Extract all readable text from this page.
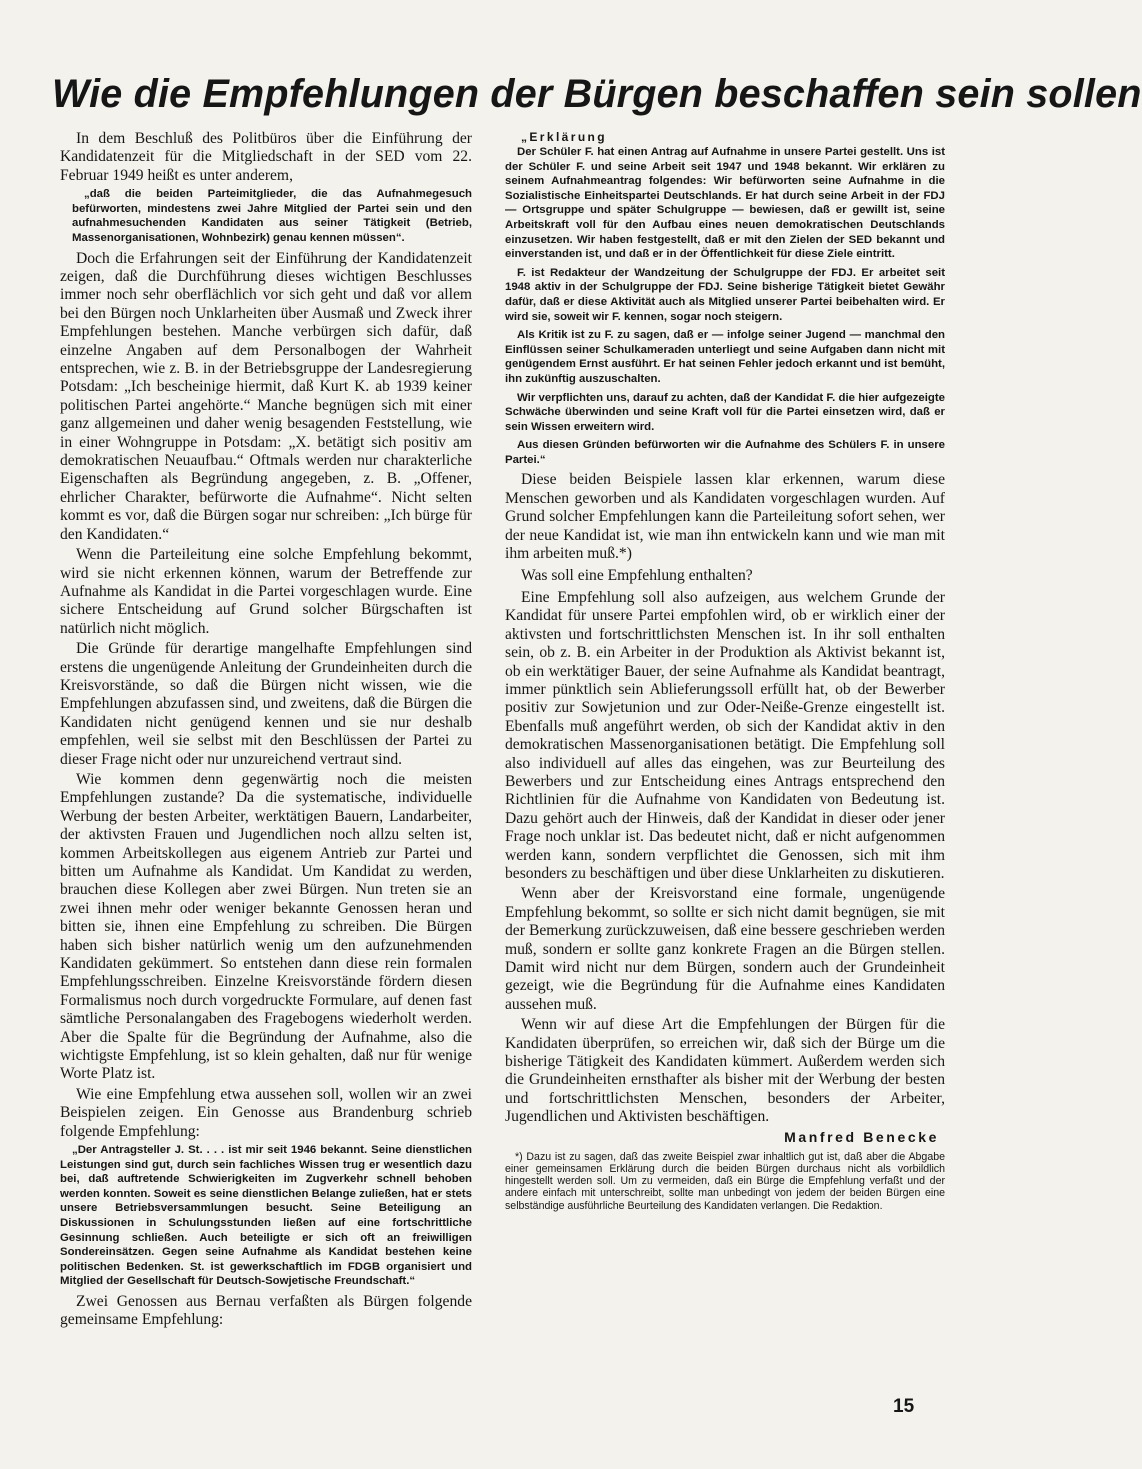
Wie die Empfehlungen der Bürgen beschaffen sein sollen

In dem Beschluß des Politbüros über die Einführung der Kandidatenzeit für die Mitgliedschaft in der SED vom 22. Februar 1949 heißt es unter anderem,

„daß die beiden Parteimitglieder, die das Aufnahmegesuch befürworten, mindestens zwei Jahre Mitglied der Partei sein und den aufnahmesuchenden Kandidaten aus seiner Tätigkeit (Betrieb, Massenorganisationen, Wohnbezirk) genau kennen müssen“.

Doch die Erfahrungen seit der Einführung der Kandidatenzeit zeigen, daß die Durchführung dieses wichtigen Beschlusses immer noch sehr oberflächlich vor sich geht und daß vor allem bei den Bürgen noch Unklarheiten über Ausmaß und Zweck ihrer Empfehlungen bestehen. Manche verbürgen sich dafür, daß einzelne Angaben auf dem Personalbogen der Wahrheit entsprechen, wie z. B. in der Betriebsgruppe der Landesregierung Potsdam: „Ich bescheinige hiermit, daß Kurt K. ab 1939 keiner politischen Partei angehörte.“ Manche begnügen sich mit einer ganz allgemeinen und daher wenig besagenden Feststellung, wie in einer Wohngruppe in Potsdam: „X. betätigt sich positiv am demokratischen Neuaufbau.“ Oftmals werden nur charakterliche Eigenschaften als Begründung angegeben, z. B. „Offener, ehrlicher Charakter, befürworte die Aufnahme“. Nicht selten kommt es vor, daß die Bürgen sogar nur schreiben: „Ich bürge für den Kandidaten.“

Wenn die Parteileitung eine solche Empfehlung bekommt, wird sie nicht erkennen können, warum der Betreffende zur Aufnahme als Kandidat in die Partei vorgeschlagen wurde. Eine sichere Entscheidung auf Grund solcher Bürgschaften ist natürlich nicht möglich.

Die Gründe für derartige mangelhafte Empfehlungen sind erstens die ungenügende Anleitung der Grundeinheiten durch die Kreisvorstände, so daß die Bürgen nicht wissen, wie die Empfehlungen abzufassen sind, und zweitens, daß die Bürgen die Kandidaten nicht genügend kennen und sie nur deshalb empfehlen, weil sie selbst mit den Beschlüssen der Partei zu dieser Frage nicht oder nur unzureichend vertraut sind.

Wie kommen denn gegenwärtig noch die meisten Empfehlungen zustande? Da die systematische, individuelle Werbung der besten Arbeiter, werktätigen Bauern, Landarbeiter, der aktivsten Frauen und Jugendlichen noch allzu selten ist, kommen Arbeitskollegen aus eigenem Antrieb zur Partei und bitten um Aufnahme als Kandidat. Um Kandidat zu werden, brauchen diese Kollegen aber zwei Bürgen. Nun treten sie an zwei ihnen mehr oder weniger bekannte Genossen heran und bitten sie, ihnen eine Empfehlung zu schreiben. Die Bürgen haben sich bisher natürlich wenig um den aufzunehmenden Kandidaten gekümmert. So entstehen dann diese rein formalen Empfehlungsschreiben. Einzelne Kreisvorstände fördern diesen Formalismus noch durch vorgedruckte Formulare, auf denen fast sämtliche Personalangaben des Fragebogens wiederholt werden. Aber die Spalte für die Begründung der Aufnahme, also die wichtigste Empfehlung, ist so klein gehalten, daß nur für wenige Worte Platz ist.

Wie eine Empfehlung etwa aussehen soll, wollen wir an zwei Beispielen zeigen. Ein Genosse aus Brandenburg schrieb folgende Empfehlung:

„Der Antragsteller J. St. . . . ist mir seit 1946 bekannt. Seine dienstlichen Leistungen sind gut, durch sein fachliches Wissen trug er wesentlich dazu bei, daß auftretende Schwierigkeiten im Zugverkehr schnell behoben werden konnten. Soweit es seine dienstlichen Belange zuließen, hat er stets unsere Betriebsversammlungen besucht. Seine Beteiligung an Diskussionen in Schulungsstunden ließen auf eine fortschrittliche Gesinnung schließen. Auch beteiligte er sich oft an freiwilligen Sondereinsätzen. Gegen seine Aufnahme als Kandidat bestehen keine politischen Bedenken. St. ist gewerkschaftlich im FDGB organisiert und Mitglied der Gesellschaft für Deutsch-Sowjetische Freundschaft.“

Zwei Genossen aus Bernau verfaßten als Bürgen folgende gemeinsame Empfehlung:

„Erklärung

Der Schüler F. hat einen Antrag auf Aufnahme in unsere Partei gestellt. Uns ist der Schüler F. und seine Arbeit seit 1947 und 1948 bekannt. Wir erklären zu seinem Aufnahmeantrag folgendes: Wir befürworten seine Aufnahme in die Sozialistische Einheitspartei Deutschlands. Er hat durch seine Arbeit in der FDJ — Ortsgruppe und später Schulgruppe — bewiesen, daß er gewillt ist, seine Arbeitskraft voll für den Aufbau eines neuen demokratischen Deutschlands einzusetzen. Wir haben festgestellt, daß er mit den Zielen der SED bekannt und einverstanden ist, und daß er in der Öffentlichkeit für diese Ziele eintritt.

F. ist Redakteur der Wandzeitung der Schulgruppe der FDJ. Er arbeitet seit 1948 aktiv in der Schulgruppe der FDJ. Seine bisherige Tätigkeit bietet Gewähr dafür, daß er diese Aktivität auch als Mitglied unserer Partei beibehalten wird. Er wird sie, soweit wir F. kennen, sogar noch steigern.

Als Kritik ist zu F. zu sagen, daß er — infolge seiner Jugend — manchmal den Einflüssen seiner Schulkameraden unterliegt und seine Aufgaben dann nicht mit genügendem Ernst ausführt. Er hat seinen Fehler jedoch erkannt und ist bemüht, ihn zukünftig auszuschalten.

Wir verpflichten uns, darauf zu achten, daß der Kandidat F. die hier aufgezeigte Schwäche überwinden und seine Kraft voll für die Partei einsetzen wird, daß er sein Wissen erweitern wird.

Aus diesen Gründen befürworten wir die Aufnahme des Schülers F. in unsere Partei.“

Diese beiden Beispiele lassen klar erkennen, warum diese Menschen geworben und als Kandidaten vorgeschlagen wurden. Auf Grund solcher Empfehlungen kann die Parteileitung sofort sehen, wer der neue Kandidat ist, wie man ihn entwickeln kann und wie man mit ihm arbeiten muß.*)

Was soll eine Empfehlung enthalten?

Eine Empfehlung soll also aufzeigen, aus welchem Grunde der Kandidat für unsere Partei empfohlen wird, ob er wirklich einer der aktivsten und fortschrittlichsten Menschen ist. In ihr soll enthalten sein, ob z. B. ein Arbeiter in der Produktion als Aktivist bekannt ist, ob ein werktätiger Bauer, der seine Aufnahme als Kandidat beantragt, immer pünktlich sein Ablieferungssoll erfüllt hat, ob der Bewerber positiv zur Sowjetunion und zur Oder-Neiße-Grenze eingestellt ist. Ebenfalls muß angeführt werden, ob sich der Kandidat aktiv in den demokratischen Massenorganisationen betätigt. Die Empfehlung soll also individuell auf alles das eingehen, was zur Beurteilung des Bewerbers und zur Entscheidung eines Antrags entsprechend den Richtlinien für die Aufnahme von Kandidaten von Bedeutung ist. Dazu gehört auch der Hinweis, daß der Kandidat in dieser oder jener Frage noch unklar ist. Das bedeutet nicht, daß er nicht aufgenommen werden kann, sondern verpflichtet die Genossen, sich mit ihm besonders zu beschäftigen und über diese Unklarheiten zu diskutieren.

Wenn aber der Kreisvorstand eine formale, ungenügende Empfehlung bekommt, so sollte er sich nicht damit begnügen, sie mit der Bemerkung zurückzuweisen, daß eine bessere geschrieben werden muß, sondern er sollte ganz konkrete Fragen an die Bürgen stellen. Damit wird nicht nur dem Bürgen, sondern auch der Grundeinheit gezeigt, wie die Begründung für die Aufnahme eines Kandidaten aussehen muß.

Wenn wir auf diese Art die Empfehlungen der Bürgen für die Kandidaten überprüfen, so erreichen wir, daß sich der Bürge um die bisherige Tätigkeit des Kandidaten kümmert. Außerdem werden sich die Grundeinheiten ernsthafter als bisher mit der Werbung der besten und fortschrittlichsten Menschen, besonders der Arbeiter, Jugendlichen und Aktivisten beschäftigen.

Manfred Benecke

*) Dazu ist zu sagen, daß das zweite Beispiel zwar inhaltlich gut ist, daß aber die Abgabe einer gemeinsamen Erklärung durch die beiden Bürgen durchaus nicht als vorbildlich hingestellt werden soll. Um zu vermeiden, daß ein Bürge die Empfehlung verfaßt und der andere einfach mit unterschreibt, sollte man unbedingt von jedem der beiden Bürgen eine selbständige ausführliche Beurteilung des Kandidaten verlangen. Die Redaktion.

15
